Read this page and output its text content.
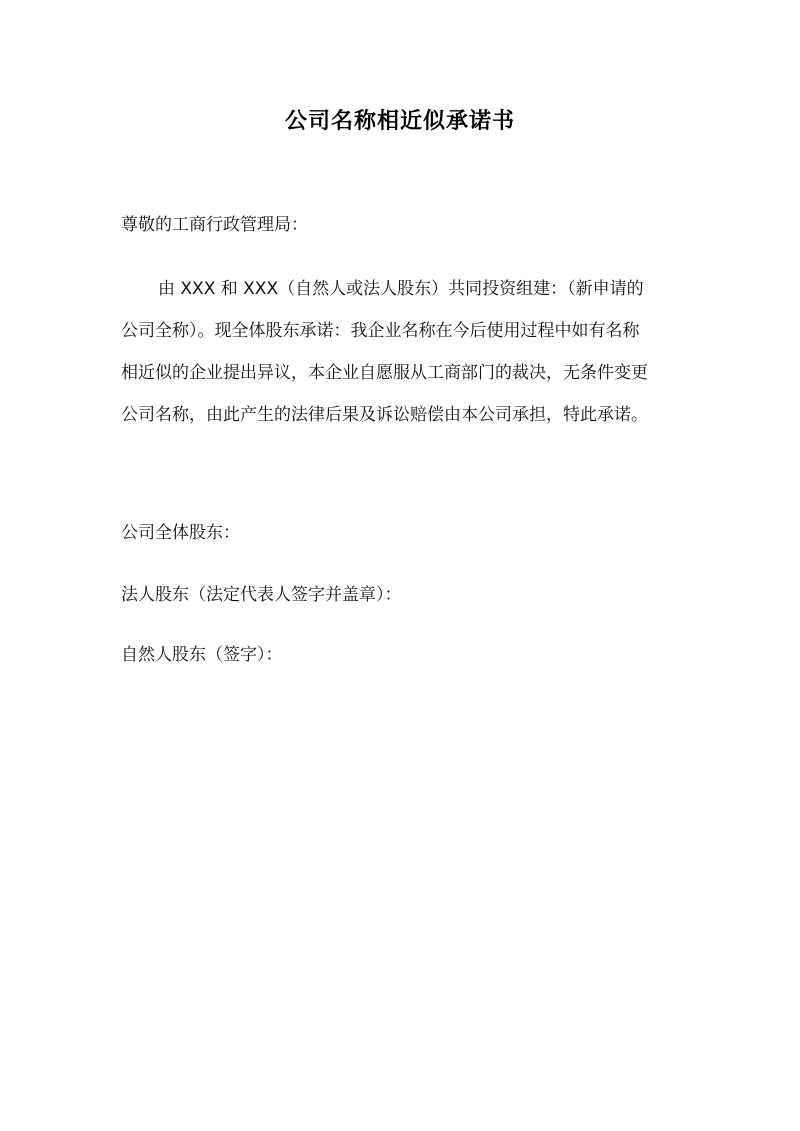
公司名称相近似承诺书
尊敬的工商行政管理局：
由 XXX 和 XXX（自然人或法人股东）共同投资组建：（新申请的
公司全称）。现全体股东承诺：我企业名称在今后使用过程中如有名称
相近似的企业提出异议，本企业自愿服从工商部门的裁决，无条件变更
公司名称，由此产生的法律后果及诉讼赔偿由本公司承担，特此承诺。
公司全体股东：
法人股东（法定代表人签字并盖章）：
自然人股东（签字）：
